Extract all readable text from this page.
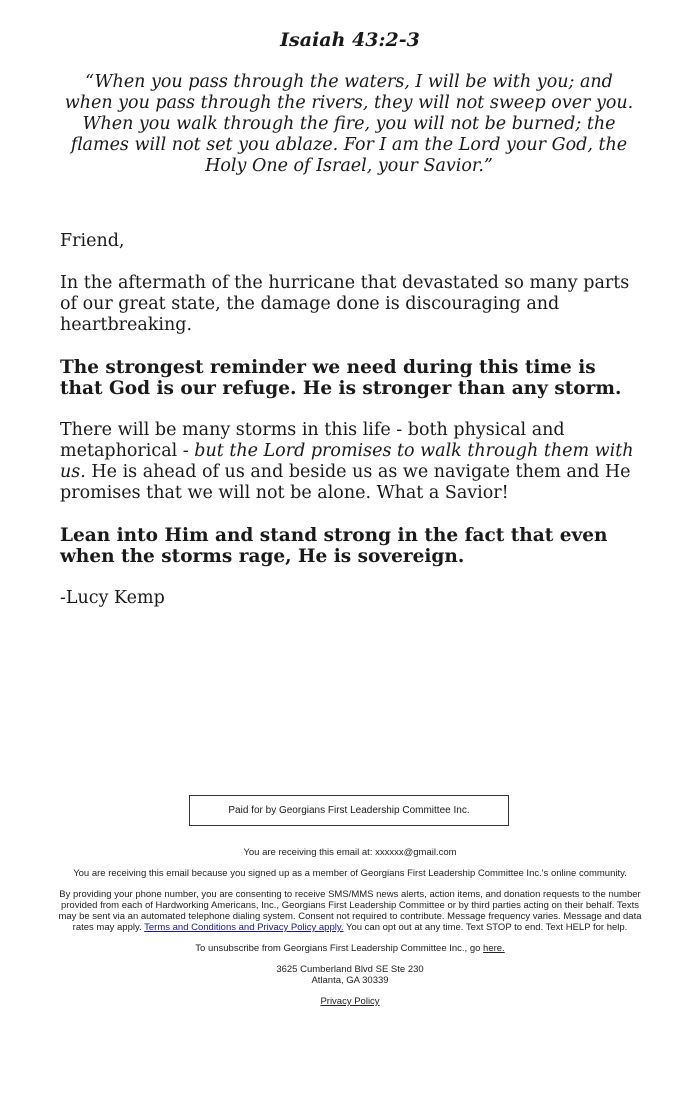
Isaiah 43:2-3
“When you pass through the waters, I will be with you; and when you pass through the rivers, they will not sweep over you. When you walk through the fire, you will not be burned; the flames will not set you ablaze. For I am the Lord your God, the Holy One of Israel, your Savior.”

Friend,

In the aftermath of the hurricane that devastated so many parts of our great state, the damage done is discouraging and heartbreaking.

The strongest reminder we need during this time is that God is our refuge. He is stronger than any storm.

There will be many storms in this life - both physical and metaphorical - but the Lord promises to walk through them with us. He is ahead of us and beside us as we navigate them and He promises that we will not be alone. What a Savior!

Lean into Him and stand strong in the fact that even when the storms rage, He is sovereign.

-Lucy Kemp

Paid for by Georgians First Leadership Committee Inc.

You are receiving this email at: xxxxxx@gmail.com

You are receiving this email because you signed up as a member of Georgians First Leadership Committee Inc.'s online community.

By providing your phone number, you are consenting to receive SMS/MMS news alerts, action items, and donation requests to the number provided from each of Hardworking Americans, Inc., Georgians First Leadership Committee or by third parties acting on their behalf. Texts may be sent via an automated telephone dialing system. Consent not required to contribute. Message frequency varies. Message and data rates may apply. Terms and Conditions and Privacy Policy apply. You can opt out at any time. Text STOP to end. Text HELP for help.

To unsubscribe from Georgians First Leadership Committee Inc., go here.

3625 Cumberland Blvd SE Ste 230
Atlanta, GA 30339

Privacy Policy
